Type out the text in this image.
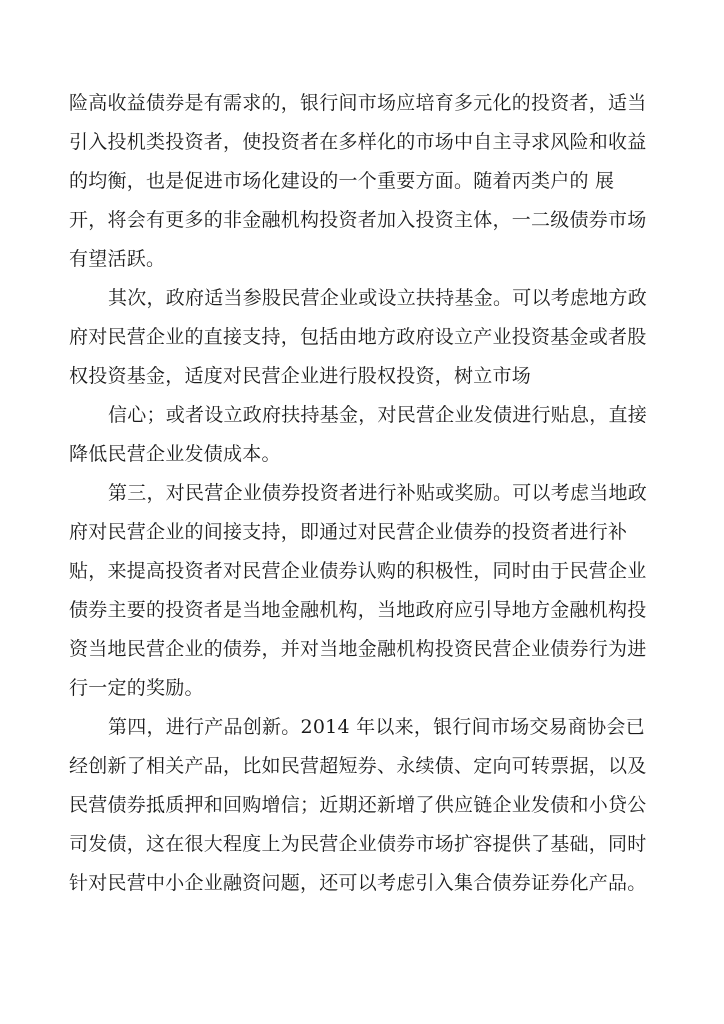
险高收益债券是有需求的，银行间市场应培育多元化的投资者，适当
引入投机类投资者，使投资者在多样化的市场中自主寻求风险和收益
的均衡，也是促进市场化建设的一个重要方面。随着丙类户的 展
开，将会有更多的非金融机构投资者加入投资主体，一二级债券市场
有望活跃。
其次，政府适当参股民营企业或设立扶持基金。可以考虑地方政
府对民营企业的直接支持，包括由地方政府设立产业投资基金或者股
权投资基金，适度对民营企业进行股权投资，树立市场
信心；或者设立政府扶持基金，对民营企业发债进行贴息，直接
降低民营企业发债成本。
第三，对民营企业债券投资者进行补贴或奖励。可以考虑当地政
府对民营企业的间接支持，即通过对民营企业债券的投资者进行补
贴，来提高投资者对民营企业债券认购的积极性，同时由于民营企业
债券主要的投资者是当地金融机构，当地政府应引导地方金融机构投
资当地民营企业的债券，并对当地金融机构投资民营企业债券行为进
行一定的奖励。
第四，进行产品创新。2014 年以来，银行间市场交易商协会已
经创新了相关产品，比如民营超短券、永续债、定向可转票据，以及
民营债券抵质押和回购增信；近期还新增了供应链企业发债和小贷公
司发债，这在很大程度上为民营企业债券市场扩容提供了基础，同时
针对民营中小企业融资问题，还可以考虑引入集合债券证券化产品。
